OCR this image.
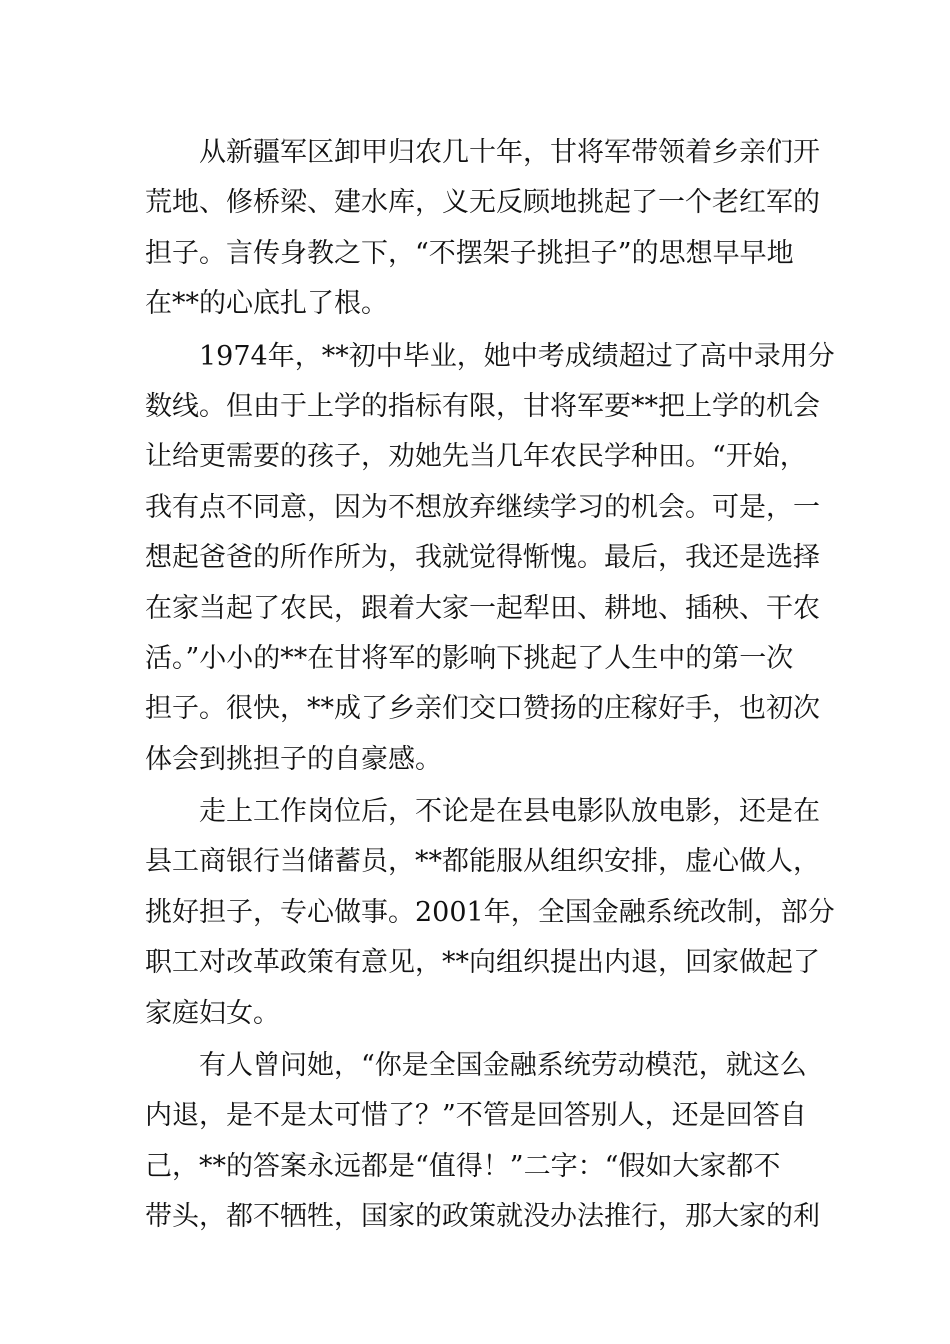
从新疆军区卸甲归农几十年，甘将军带领着乡亲们开
荒地、修桥梁、建水库，义无反顾地挑起了一个老红军的
担子。言传身教之下，“不摆架子挑担子”的思想早早地
在**的心底扎了根。
1974年，**初中毕业，她中考成绩超过了高中录用分
数线。但由于上学的指标有限，甘将军要**把上学的机会
让给更需要的孩子，劝她先当几年农民学种田。“开始，
我有点不同意，因为不想放弃继续学习的机会。可是，一
想起爸爸的所作所为，我就觉得惭愧。最后，我还是选择
在家当起了农民，跟着大家一起犁田、耕地、插秧、干农
活。”小小的**在甘将军的影响下挑起了人生中的第一次
担子。很快，**成了乡亲们交口赞扬的庄稼好手，也初次
体会到挑担子的自豪感。
走上工作岗位后，不论是在县电影队放电影，还是在
县工商银行当储蓄员，**都能服从组织安排，虚心做人，
挑好担子，专心做事。2001年，全国金融系统改制，部分
职工对改革政策有意见，**向组织提出内退，回家做起了
家庭妇女。
有人曾问她，“你是全国金融系统劳动模范，就这么
内退，是不是太可惜了？”不管是回答别人，还是回答自
己，**的答案永远都是“值得！”二字：“假如大家都不
带头，都不牺牲，国家的政策就没办法推行，那大家的利
